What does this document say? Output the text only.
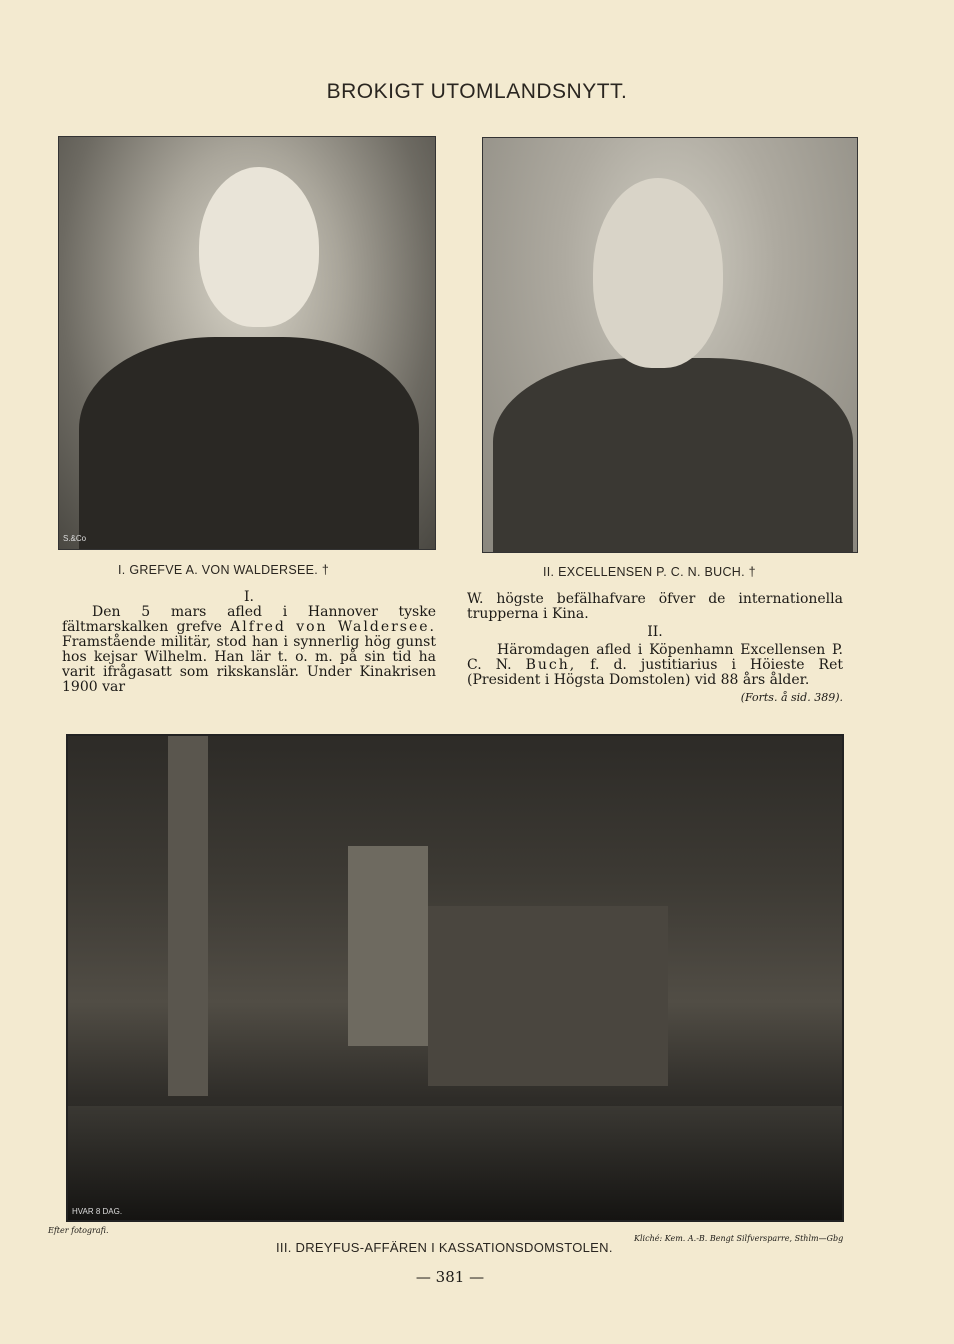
BROKIGT UTOMLANDSNYTT.
S.&Co
I. GREFVE A. VON WALDERSEE. †	II. EXCELLENSEN P. C. N. BUCH. †

I.

Den 5 mars afled i Hannover tyske fältmarskalken grefve Alfred von Waldersee. Framstående militär, stod han i synnerlig hög gunst hos kejsar Wilhelm. Han lär t. o. m. på sin tid ha varit ifrågasatt som rikskanslär. Under Kinakrisen 1900 var

W. högste befälhafvare öfver de internationella trupperna i Kina.

II.

Häromdagen afled i Köpenhamn Excellensen P. C. N. Buch, f. d. justitiarius i Höieste Ret (President i Högsta Domstolen) vid 88 års ålder.

(Forts. å sid. 389).

HVAR 8 DAG.
Efter fotografi.
Kliché: Kem. A.-B. Bengt Silfversparre, Sthlm—Gbg
III. DREYFUS-AFFÄREN I KASSATIONSDOMSTOLEN.
— 381 —
